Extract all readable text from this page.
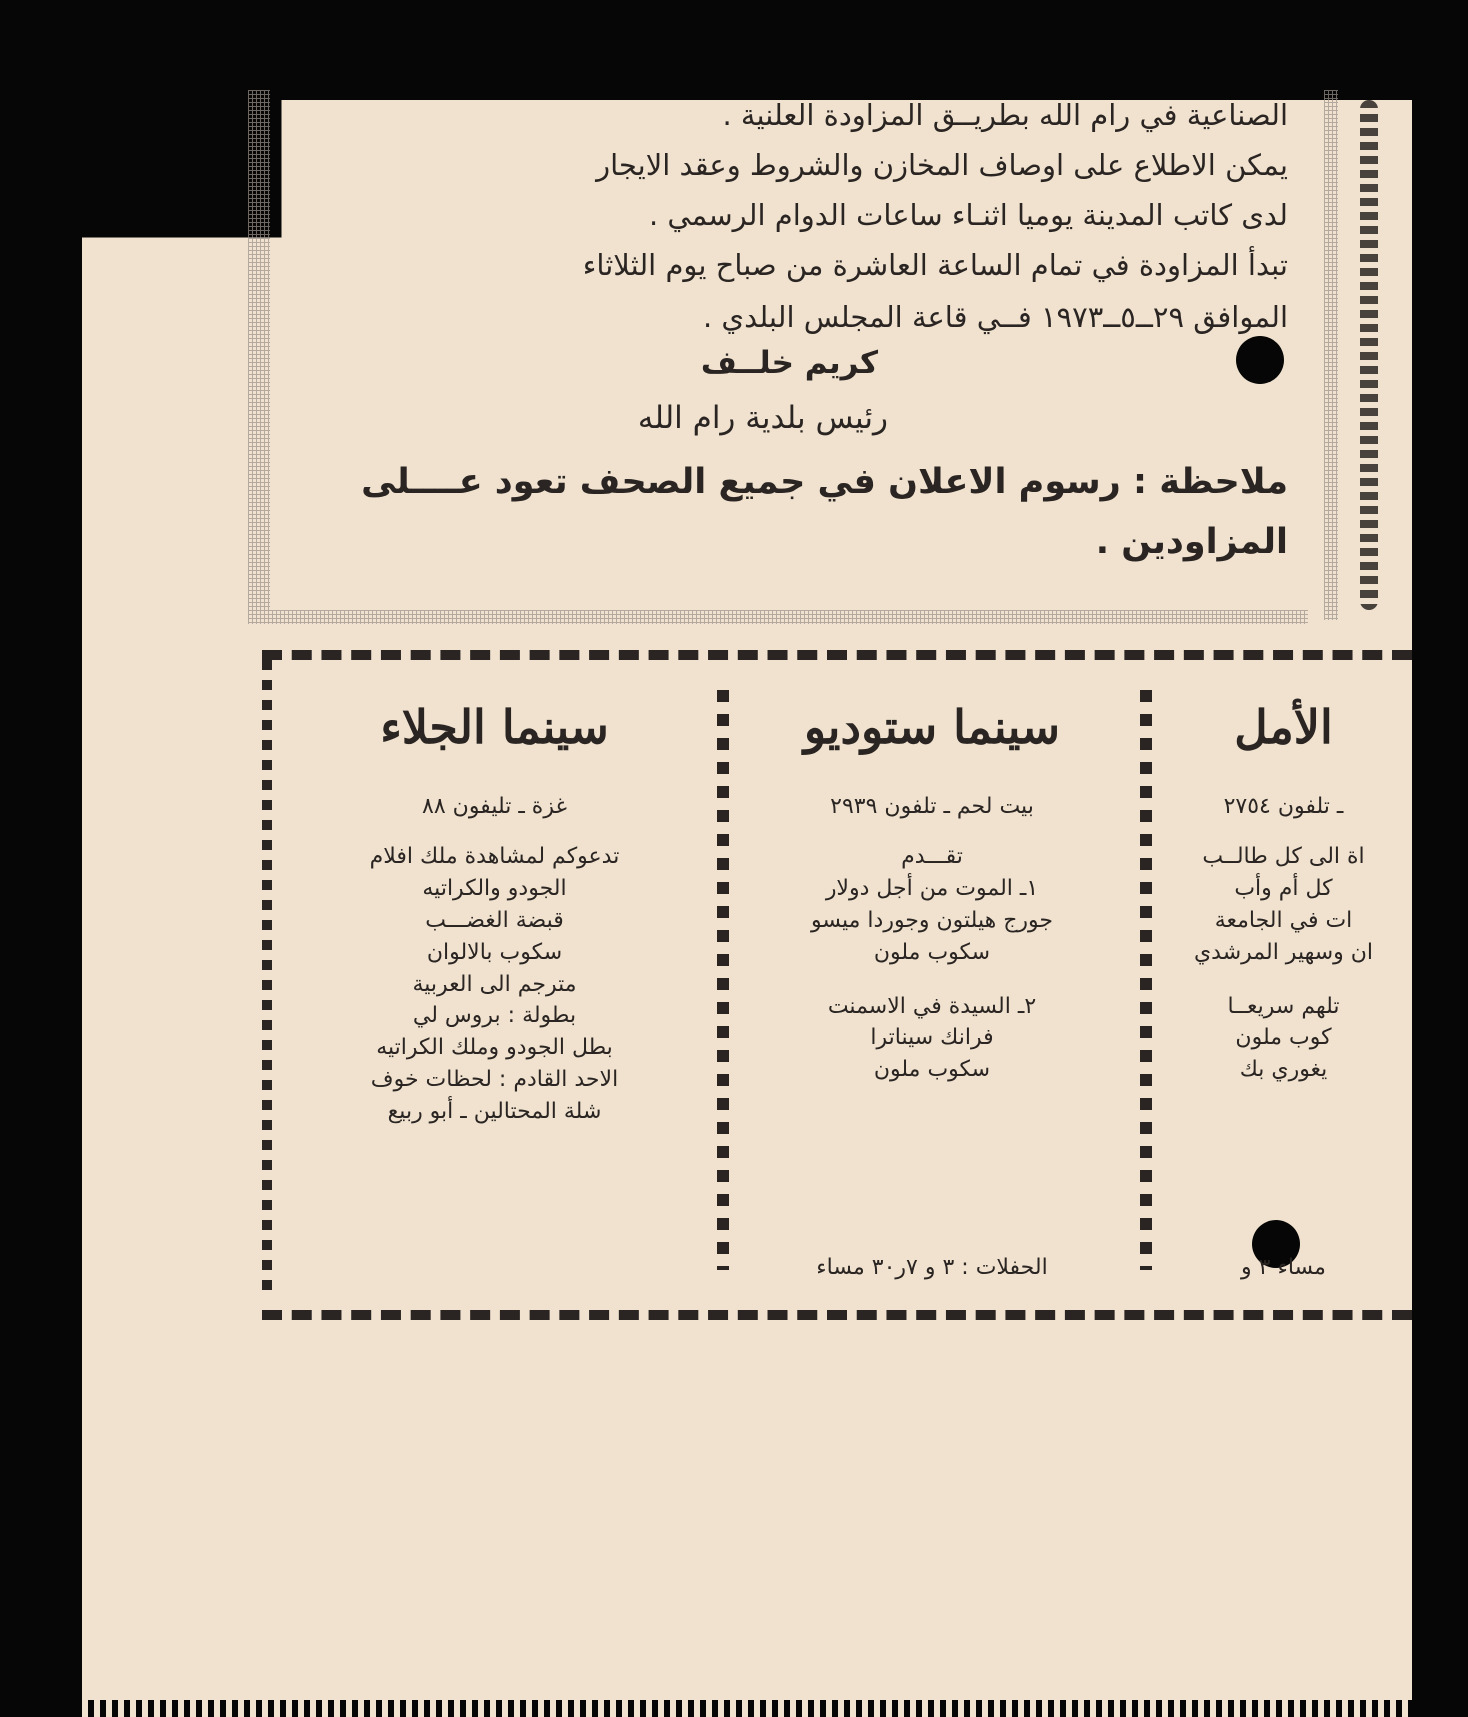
الصناعية في رام الله بطريــق المزاودة العلنية .
يمكن الاطلاع على اوصاف المخازن والشروط وعقد الايجار
لدى كاتب المدينة يوميا اثنـاء ساعات الدوام الرسمي .
تبدأ المزاودة في تمام الساعة العاشرة من صباح يوم الثلاثاء
الموافق ٢٩ــ٥ــ١٩٧٣ فــي قاعة المجلس البلدي .
كريم خلــف
رئيس بلدية رام الله
ملاحظة : رسوم الاعلان في جميع الصحف تعود عــــلى
المزاودين .
سينما الجلاء
غزة ـ تليفون ٨٨
تدعوكم لمشاهدة ملك افلام
الجودو والكراتيه
قبضة الغضـــب
سكوب بالالوان
مترجم الى العربية
بطولة : بروس لي
بطل الجودو وملك الكراتيه
الاحد القادم : لحظات خوف
شلة المحتالين ـ أبو ربيع
سينما ستوديو
بيت لحم ـ تلفون ٢٩٣٩
تقـــدم
١ـ الموت من أجل دولار
جورج هيلتون وجوردا ميسو
سكوب ملون
٢ـ السيدة في الاسمنت
فرانك سيناترا
سكوب ملون
الحفلات : ٣ و ٧ر٣٠ مساء
الأمل
ـ تلفون ٢٧٥٤
اة الى كل طالــب
كل أم وأب
ات في الجامعة
ان وسهير المرشدي
تلهم سريعــا
كوب ملون
يغوري بك
مساء ٣ و
